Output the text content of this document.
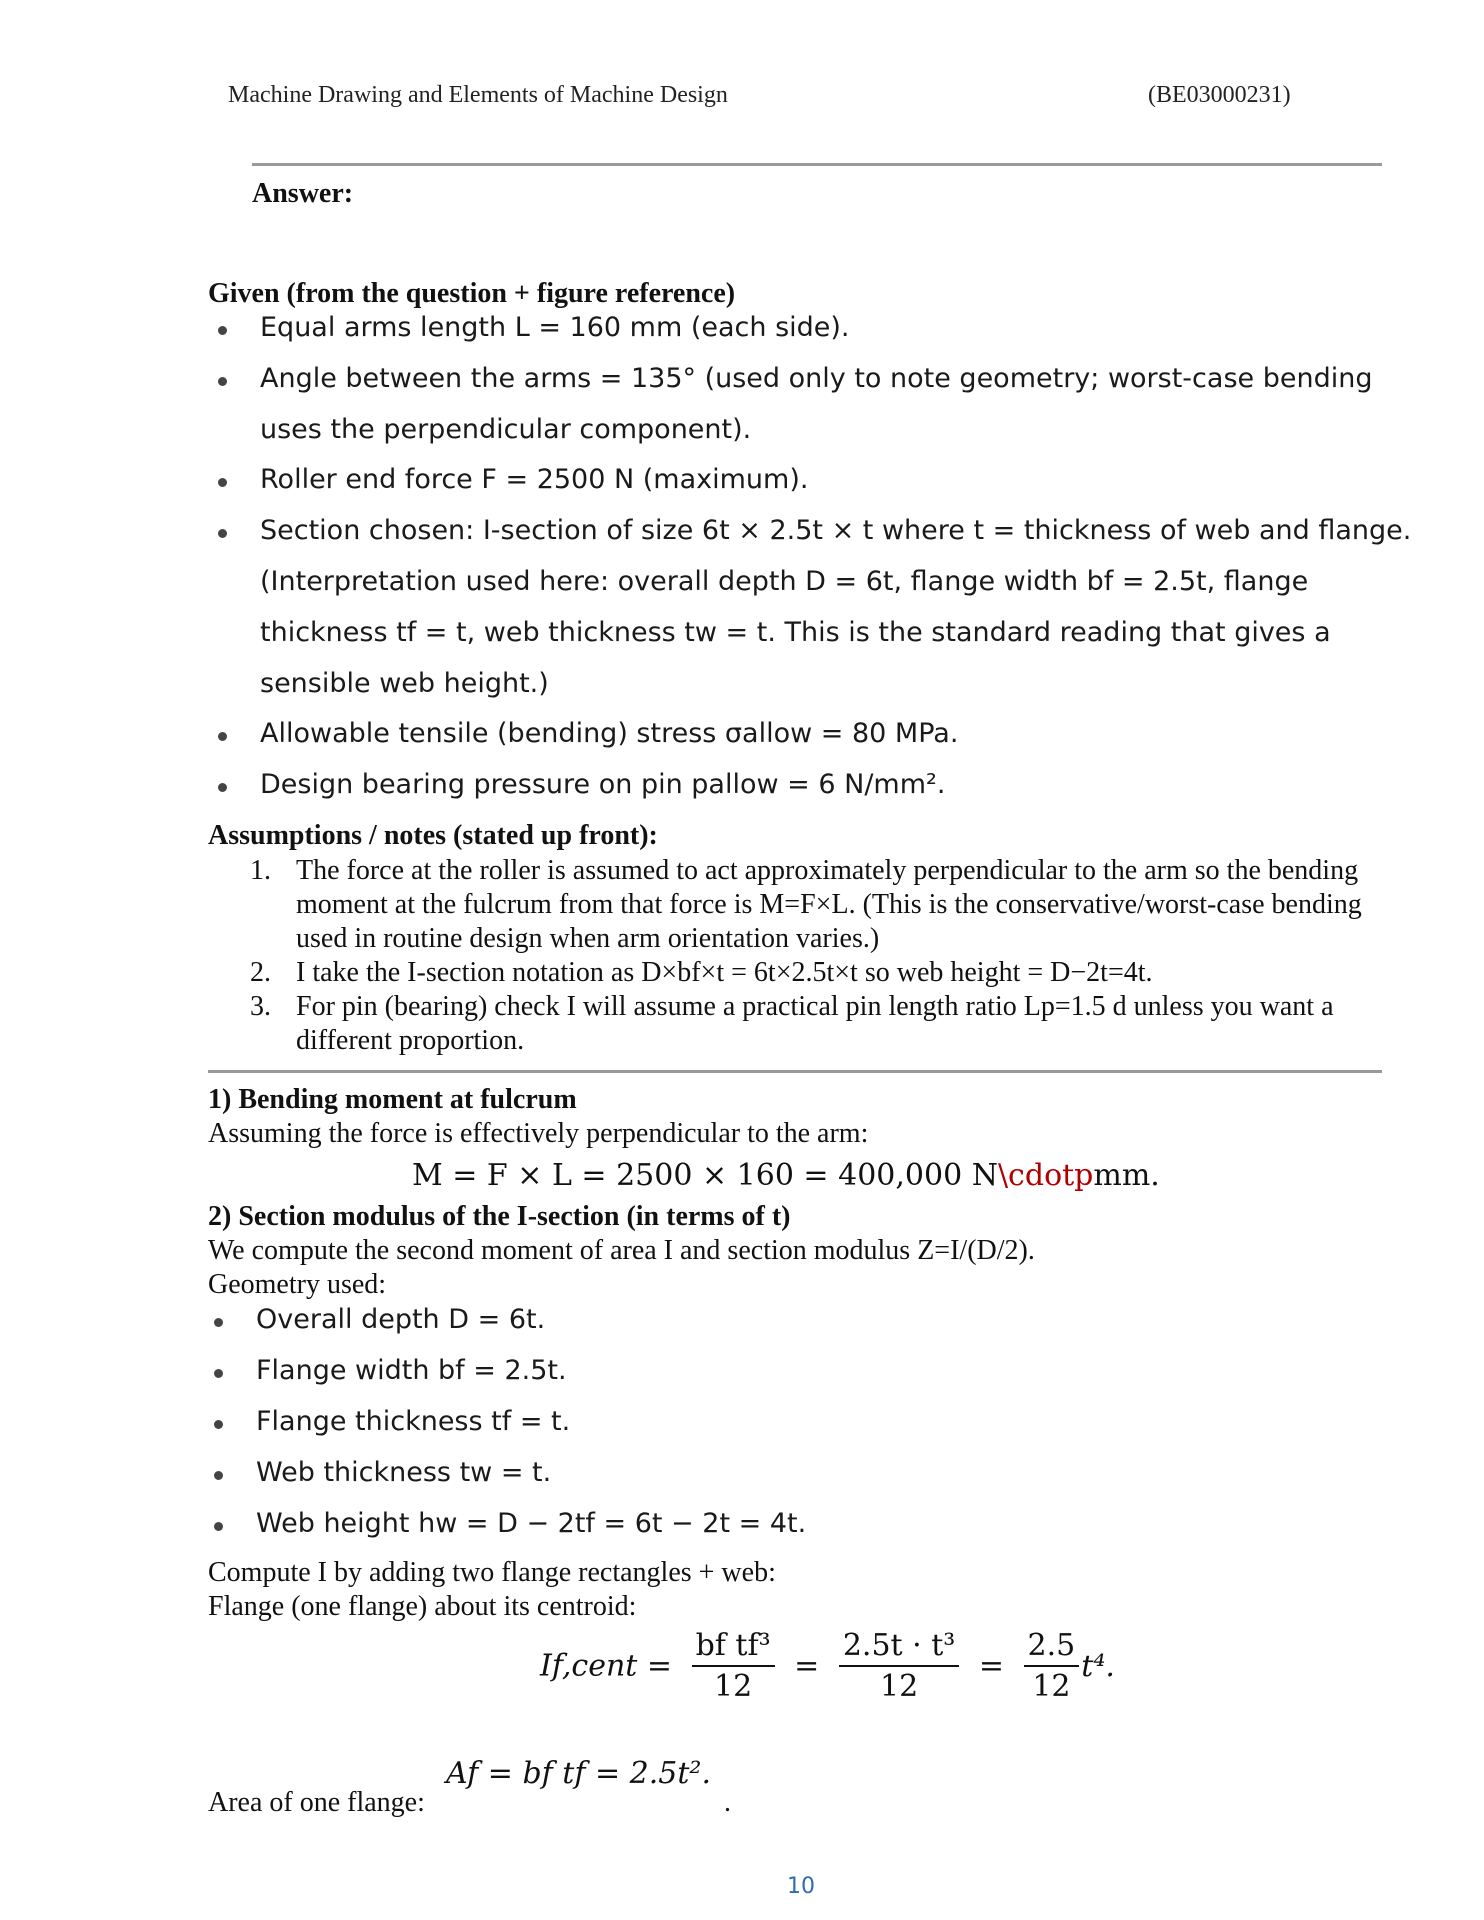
Machine Drawing and Elements of Machine Design	(BE03000231)
Answer:
Given (from the question + figure reference)
Equal arms length L = 160 mm (each side).
Angle between the arms = 135° (used only to note geometry; worst-case bending
uses the perpendicular component).
Roller end force F = 2500 N (maximum).
Section chosen: I-section of size 6t × 2.5t × t where t = thickness of web and flange.
(Interpretation used here: overall depth D = 6t, flange width bf = 2.5t, flange
thickness tf = t, web thickness tw = t. This is the standard reading that gives a
sensible web height.)
Allowable tensile (bending) stress σallow = 80 MPa.
Design bearing pressure on pin pallow = 6 N/mm².
Assumptions / notes (stated up front):
1. The force at the roller is assumed to act approximately perpendicular to the arm so the bending moment at the fulcrum from that force is M=F×L. (This is the conservative/worst-case bending used in routine design when arm orientation varies.)
2. I take the I-section notation as D×bf×t = 6t×2.5t×t so web height = D−2t=4t.
3. For pin (bearing) check I will assume a practical pin length ratio Lp=1.5 d unless you want a different proportion.
1) Bending moment at fulcrum
Assuming the force is effectively perpendicular to the arm:
M = F × L = 2500 × 160 = 400,000 N\cdotpmm.
2) Section modulus of the I-section (in terms of t)
We compute the second moment of area I and section modulus Z=I/(D/2).
Geometry used:
Overall depth D = 6t.
Flange width bf = 2.5t.
Flange thickness tf = t.
Web thickness tw = t.
Web height hw = D − 2tf = 6t − 2t = 4t.
Compute I by adding two flange rectangles + web:
Flange (one flange) about its centroid:
If,cent = $\frac{\text{bf tf³}}{12} = \frac{\text{2.5t · t³}}{12} = \frac{2.5}{12} t^4$.
Area of one flange:
Af = bf tf = 2.5t².
.
10
